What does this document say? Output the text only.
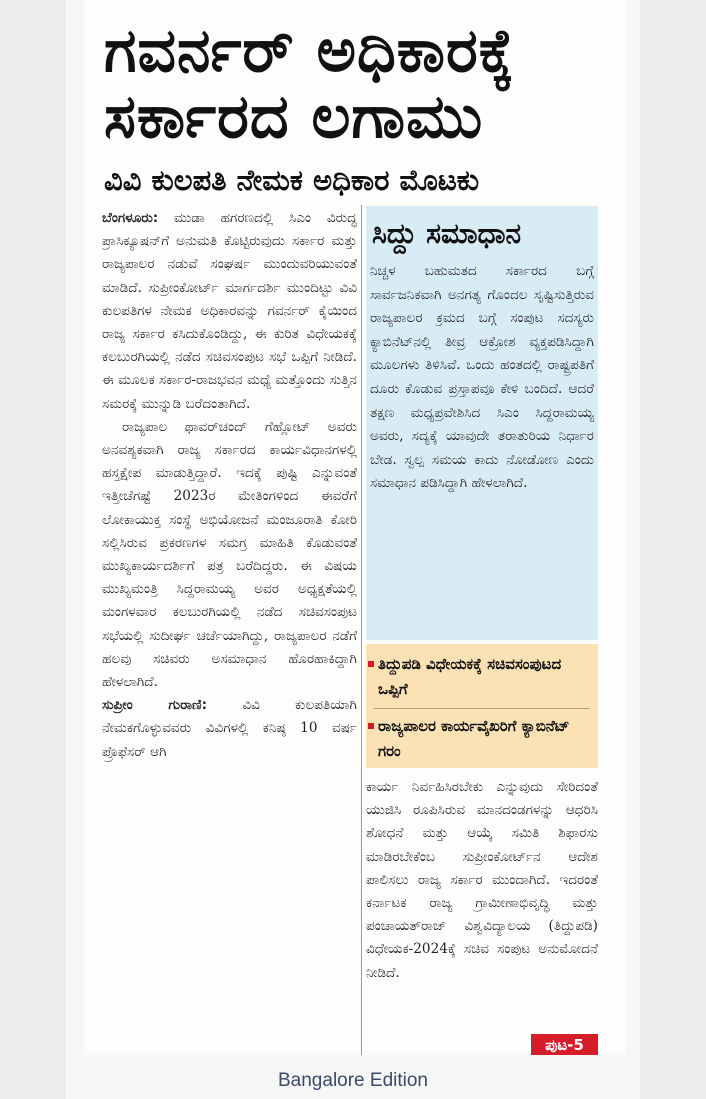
ಗವರ್ನರ್ ಅಧಿಕಾರಕ್ಕೆ ಸರ್ಕಾರದ ಲಗಾಮು
ವಿವಿ ಕುಲಪತಿ ನೇಮಕ ಅಧಿಕಾರ ಮೊಟಕು

ಬೆಂಗಳೂರು: ಮುಡಾ ಹಗರಣದಲ್ಲಿ ಸಿಎಂ ವಿರುದ್ಧ ಪ್ರಾಸಿಕ್ಯೂಷನ್‌ಗೆ ಅನುಮತಿ ಕೊಟ್ಟಿರುವುದು ಸರ್ಕಾರ ಮತ್ತು ರಾಜ್ಯಪಾಲರ ನಡುವೆ ಸಂಘರ್ಷ ಮುಂದುವರಿಯುವಂತೆ ಮಾಡಿದೆ. ಸುಪ್ರೀಂಕೋರ್ಟ್ ಮಾರ್ಗದರ್ಶಿ ಮುಂದಿಟ್ಟು ವಿವಿ ಕುಲಪತಿಗಳ ನೇಮಕ ಅಧಿಕಾರವನ್ನು ಗವರ್ನರ್ ಕೈಯಿಂದ ರಾಜ್ಯ ಸರ್ಕಾರ ಕಸಿದುಕೊಂಡಿದ್ದು, ಈ ಕುರಿತ ವಿಧೇಯಕಕ್ಕೆ ಕಲಬುರಗಿಯಲ್ಲಿ ನಡೆದ ಸಚಿವಸಂಪುಟ ಸಭೆ ಒಪ್ಪಿಗೆ ನೀಡಿದೆ. ಈ ಮೂಲಕ ಸರ್ಕಾರ-ರಾಜಭವನ ಮಧ್ಯೆ ಮತ್ತೊಂದು ಸುತ್ತಿನ ಸಮರಕ್ಕೆ ಮುನ್ನುಡಿ ಬರೆದಂತಾಗಿದೆ.

ರಾಜ್ಯಪಾಲ ಥಾವರ್‌ಚಂದ್ ಗೆಹ್ಲೋಟ್ ಅವರು ಅನವಶ್ಯಕವಾಗಿ ರಾಜ್ಯ ಸರ್ಕಾರದ ಕಾರ್ಯವಿಧಾನಗಳಲ್ಲಿ ಹಸ್ತಕ್ಷೇಪ ಮಾಡುತ್ತಿದ್ದಾರೆ. ಇದಕ್ಕೆ ಪುಷ್ಟಿ ಎನ್ನುವಂತೆ ಇತ್ತೀಚೆಗಷ್ಟೆ 2023ರ ಮೇತಿಂಗಳಿಂದ ಈವರೆಗೆ ಲೋಕಾಯುಕ್ತ ಸಂಸ್ಥೆ ಅಭಿಯೋಜನೆ ಮಂಜೂರಾತಿ ಕೋರಿ ಸಲ್ಲಿಸಿರುವ ಪ್ರಕರಣಗಳ ಸಮಗ್ರ ಮಾಹಿತಿ ಕೊಡುವಂತೆ ಮುಖ್ಯಕಾರ್ಯದರ್ಶಿಗೆ ಪತ್ರ ಬರೆದಿದ್ದರು. ಈ ವಿಷಯ ಮುಖ್ಯಮಂತ್ರಿ ಸಿದ್ದರಾಮಯ್ಯ ಅವರ ಅಧ್ಯಕ್ಷತೆಯಲ್ಲಿ ಮಂಗಳವಾರ ಕಲಬುರಗಿಯಲ್ಲಿ ನಡೆದ ಸಚಿವಸಂಪುಟ ಸಭೆಯಲ್ಲಿ ಸುದೀರ್ಘ ಚರ್ಚೆಯಾಗಿದ್ದು, ರಾಜ್ಯಪಾಲರ ನಡೆಗೆ ಹಲವು ಸಚಿವರು ಅಸಮಾಧಾನ ಹೊರಹಾಕಿದ್ದಾಗಿ ಹೇಳಲಾಗಿದೆ.

ಸುಪ್ರೀಂ ಗುರಾಣಿ:	ವಿವಿ ಕುಲಪತಿಯಾಗಿ ನೇಮಕಗೊಳ್ಳುವವರು ವಿವಿಗಳಲ್ಲಿ ಕನಿಷ್ಠ 10 ವರ್ಷ ಪ್ರೊಫೆಸರ್ ಆಗಿ

ಸಿದ್ದು ಸಮಾಧಾನ
ನಿಚ್ಚಳ ಬಹುಮತದ ಸರ್ಕಾರದ ಬಗ್ಗೆ ಸಾರ್ವಜನಿಕವಾಗಿ ಅನಗತ್ಯ ಗೊಂದಲ ಸೃಷ್ಟಿಸುತ್ತಿರುವ ರಾಜ್ಯಪಾಲರ ಕ್ರಮದ ಬಗ್ಗೆ ಸಂಪುಟ ಸದಸ್ಯರು ಕ್ಯಾಬಿನೆಟ್‌ನಲ್ಲಿ ತೀವ್ರ ಆಕ್ರೋಶ ವ್ಯಕ್ತಪಡಿಸಿದ್ದಾಗಿ ಮೂಲಗಳು ತಿಳಿಸಿವೆ. ಒಂದು ಹಂತದಲ್ಲಿ ರಾಷ್ಟ್ರಪತಿಗೆ ದೂರು ಕೊಡುವ ಪ್ರಸ್ತಾಪವೂ ಕೇಳಿ ಬಂದಿದೆ. ಆದರೆ ತಕ್ಷಣ ಮಧ್ಯಪ್ರವೇಶಿಸಿದ ಸಿಎಂ ಸಿದ್ದರಾಮಯ್ಯ ಅವರು, ಸದ್ಯಕ್ಕೆ ಯಾವುದೇ ತರಾತುರಿಯ ನಿರ್ಧಾರ ಬೇಡ. ಸ್ವಲ್ಪ ಸಮಯ ಕಾದು ನೋಡೋಣ ಎಂದು ಸಮಾಧಾನ ಪಡಿಸಿದ್ದಾಗಿ ಹೇಳಲಾಗಿದೆ.
ತಿದ್ದುಪಡಿ ವಿಧೇಯಕಕ್ಕೆ ಸಚಿವಸಂಪುಟದ ಒಪ್ಪಿಗೆ
ರಾಜ್ಯಪಾಲರ ಕಾರ್ಯವೈಖರಿಗೆ ಕ್ಯಾಬಿನೆಟ್ ಗರಂ

ಕಾರ್ಯ ನಿರ್ವಹಿಸಿರಬೇಕು ಎನ್ನುವುದು ಸೇರಿದಂತೆ ಯುಜಿಸಿ ರೂಪಿಸಿರುವ ಮಾನದಂಡಗಳನ್ನು ಆಧರಿಸಿ ಶೋಧನೆ ಮತ್ತು ಆಯ್ಕೆ ಸಮಿತಿ ಶಿಫಾರಸು ಮಾಡಿರಬೇಕೆಂಬ ಸುಪ್ರೀಂಕೋರ್ಟ್‌ನ ಆದೇಶ ಪಾಲಿಸಲು ರಾಜ್ಯ ಸರ್ಕಾರ ಮುಂದಾಗಿದೆ. ಇದರಂತೆ ಕರ್ನಾಟಕ ರಾಜ್ಯ ಗ್ರಾಮೀಣಾಭಿವೃದ್ಧಿ ಮತ್ತು ಪಂಚಾಯತ್‌ರಾಜ್ ವಿಶ್ವವಿದ್ಯಾಲಯ (ತಿದ್ದುಪಡಿ) ವಿಧೇಯಕ-2024ಕ್ಕೆ ಸಚಿವ ಸಂಪುಟ ಅನುಮೋದನೆ ನೀಡಿದೆ.

ಪುಟ-5
Bangalore Edition
